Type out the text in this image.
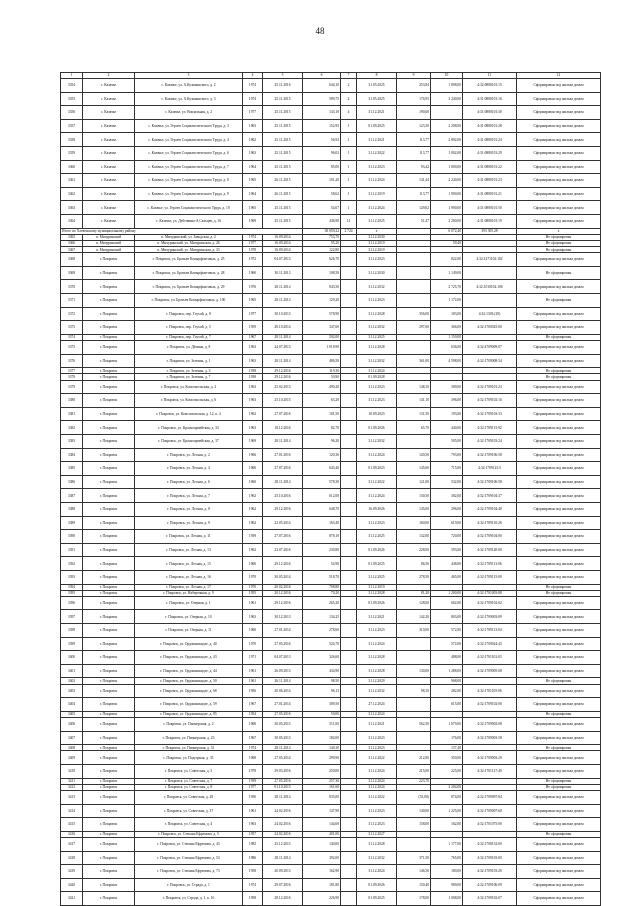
48
1	2	3	4	5	6	7	8	9	10	11	12
3354	с. Казачье	с. Казачье, ул. А.Кузьминского, д. 2	1974	25.11.2016	644,10	2	31.05.2025	253,84	1 808,00	4:32:0880101:15	Сформирован под жилым домом
3355	с. Казачье	с. Казачье, ул. А.Кузьминского, д. 3	1974	25.11.2015	589,75	2	31.05.2025	176,95	3 240,00	4:31:0880101:16	Сформирован под жилым домом
3356	с. Казачье	с. Казачье, ул. Вокзальная, д. 2	1977	25.11.2015	143,10	4	31.12.2021	190,60		4:31:0880101:30	Сформирован под жилым домом
3357	с. Казачье	с. Казачье, ул. Героев Социалистического Труда, д. 3	1963	25.11.2015	152,95	1	01.09.2025	123,30	2 208,00	4:31:0880101:28	Сформирован под жилым домом
3358	с. Казачье	с. Казачье, ул. Героев Социалистического Труда, д. 4	1962	25.11.2015	56,92	1	31.12.2021	113,77	2 892,00	4:31:0880101:24	Сформирован под жилым домом
3359	с. Казачье	с. Казачье, ул. Героев Социалистического Труда, д. 6	1963	25.11.2015	96,02	1	31.12.2022	113,77	1 002,00	4:31:0880101:29	Сформирован под жилым домом
3360	с. Казачье	с. Казачье, ул. Героев Социалистического Труда, д. 7	1964	25.11.2015	85,00	1	31.12.2023	93,42	1 000,00	4:31:0880101:22	Сформирован под жилым домом
3361	с. Казачье	с. Казачье, ул. Героев Социалистического Труда, д. 8	1965	26.11.2015	101,20	1	31.12.2024	141,44	2 240,00	4:31:0880101:23	Сформирован под жилым домом
3362	с. Казачье	с. Казачье, ул. Героев Социалистического Труда, д. 9	1964	26.11.2015	58,62	1	31.12.2019	113,77	1 900,00	4:31:0880101:21	Сформирован под жилым домом
3363	с. Казачье	с. Казачье, ул. Героев Социалистического Труда, д. 10	1965	25.11.2015	54,67	1	31.12.2024	129,02	1 900,00	4:31:0880101:50	Сформирован под жилым домом
3364	с. Казачье	с. Казачье, ул. Дебтовина-А.Сальцев, д. 16	1969	25.11.2015	446,90	12	31.12.2025	51,47	2 200,00	4:31:0880101:19	Сформирован под жилым домом
Итого по Хлевенскому муниципальному району					30 059,22	2 724	х		6 072,40	393 305,28	х
3365	п. Мичуринский	п. Мичуринский, ул. Заводская, д. 2	1974	16.09.2014	753,70		31.12.2030				Не сформирован
3366	п. Мичуринский	п. Мичуринский, ул. Мичуринская, д. 26	1977	16.09.2014	95,20		31.12.2019		59,40		Не сформирован
3367	п. Мичуринский	п. Мичуринский, ул. Мичуринская, д. 33	1978	16.09.2014	122,80		31.12.2019				Не сформирован
3368	г. Покровск	г. Покровск, ул. Братьев Копырфонтовых, д. 25	1972	04.07.2013	626,70		31.12.2023		822,00	4:32:1271102:102	Сформирован под жилым домом
3369	г. Покровск	г. Покровск, ул. Братьев Копырфонтовых, д. 28	1960	30.11.2013	108,50		31.12.2030		1 149,00		Не сформирован
3370	г. Покровск	г. Покровск, ул. Братьев Копырфонтовых, д. 29	1976	28.11.2014	843,50		31.12.2032		2 725,70	4:32:1010102:106	Сформирован под жилым домом
3371	г. Покровск	г. Покровск, ул. Братьев Копырфонтовых, д. 100	1965	28.11.2014	129,20		31.12.2023		1 172,00		Не сформирован
3372	г. Покровск	г. Покровск, пер. Глухой, д. 8	1977	30.10.2013	578,90		31.12.2028	356,00	183,00	4:32:1303:(29)	Сформирован под жилым домом
3373	г. Покровск	г. Покровск, пер. Глухой, д. 5	1959	28.10.2014	347,60		31.12.2032	297,00	366,00	4:32:1700025:00	Сформирован под жилым домом
3374	г. Покровск	г. Покровск, пер. Глухой, д. 7	1967	28.11.2014	502,00		31.12.2025		1 150,00		Не сформирован
3375	г. Покровск	г. Покровск, ул. Дёмина, д. 8	1963	24.07.2013	1 018,90		31.12.2028		636,00	4:32:4709009:07	Сформирован под жилым домом
3376	г. Покровск	г. Покровск, ул. Зеленая, д. 1	1963	28.11.2014	486,50		31.12.2032	361,00	4 598,00	4:32:1709008:34	Сформирован под жилым домом
3377	г. Покровск	г. Покровск, ул. Зеленая, д. 3	1938	29.12.2016	119,30		31.12.2024				Не сформирован
3378	г. Покровск	г. Покровск, ул. Зеленая, д. 7	1938	29.12.2016	50,90		01.09.2028				Не сформирован
3379	г. Покровск	г. Покровск, ул. Комсомольская, д. 2	1963	25.02.2013	490,20		31.12.2023	148,10	309,00	4:32:1709101:23	Сформирован под жилым домом
3380	г. Покровск	г. Покровск, ул. Комсомольская, д. 6	1963	25.10.2015	63,20		31.12.2023	141,10	396,00	4:32:1709102:16	Сформирован под жилым домом
3381	г. Покровск	г. Покровск, ул. Комсомольская, д. 12, к. 4	1962	27.07.2016	101,50		10.09.2023	131,50	193,00	4:32:1709103:33	Сформирован под жилым домом
3382	г. Покровск	г. Покровск, ул. Красноармейская, д. 33	1963	18.12.2016	82,70		01.09.2026	65,70	440,00	4:32:1709115:92	Сформирован под жилым домом
3383	г. Покровск	г. Покровск, ул. Красноармейская, д. 37	1969	28.11.2014	96,20		31.12.2032		505,00	4:32:1709103:24	Сформирован под жилым домом
3384	г. Покровск	г. Покровск, ул. Лесная, д. 2	1966	27.01.2016	120,30		31.12.2024	120,50	793,00	4:32:1709106:58	Сформирован под жилым домом
3385	г. Покровск	г. Покровск, ул. Лесная, д. 4	1960	27.07.2016	643,40		01.09.2023	145,60	715,00	4:32:1709123:5	Сформирован под жилым домом
3386	г. Покровск	г. Покровск, ул. Лесная, д. 6	1960	28.11.2014	578,30		31.12.2022	121,00	532,00	4:32:1709106:58	Сформирован под жилым домом
3387	г. Покровск	г. Покровск, ул. Лесная, д. 7	1962	25.10.2016	612,00		31.12.2024	130,50	302,00	4:32:1709104:37	Сформирован под жилым домом
3388	г. Покровск	г. Покровск, ул. Лесная, д. 8	1962	29.12.2016	648,70		16.09.2026	145,00	296,00	4:32:1709104:40	Сформирован под жилым домом
3389	г. Покровск	г. Покровск, ул. Лесная, д. 9	1962	22.05.2014	163,40		31.12.2023	160,00	619,00	4:32:1709110:26	Сформирован под жилым домом
3390	г. Покровск	г. Покровск, ул. Лесная, д. 11	1959	27.07.2016	878,10		31.12.2025	132,00	720,00	4:32:1709104:00	Сформирован под жилым домом
3391	г. Покровск	г. Покровск, ул. Лесная, д. 13	1962	23.07.2016	230,80		01.09.2026	228,00	593,00	4:32:1709120:00	Сформирован под жилым домом
3392	г. Покровск	г. Покровск, ул. Лесная, д. 15	1960	29.12.2016	54,90		01.09.2025	86,50	448,00	4:32:1709113:06	Сформирован под жилым домом
3393	г. Покровск	г. Покровск, ул. Лесная, д. 16	1970	30.05.2014	518,70		31.12.2025	278,50	465,00	4:32:1709115:00	Сформирован под жилым домом
3394	г. Покровск	г. Покровск, ул. Лесная, д. 17	1970	20.02.2016	708,80		31.12.2019				Не сформирован
3395	г. Покровск	г. Покровск, ул. Набережная, д. 9	1955	20.12.2016	70,20		31.12.2028	81,20	1 200,00	4:32:1701003:88	Не сформирован
3396	г. Покровск	г. Покровск, ул. Озерная, д. 1	1961	29.12.2016	265,20		01.09.2026	128,00	602,00	4:32:1709102:02	Сформирован под жилым домом
3397	г. Покровск	г. Покровск, ул. Озерная, д. 10	1963	30.12.2013	134,25		31.12.2021	142,20	803,00	4:32:1709003:09	Сформирован под жилым домом
3398	г. Покровск	г. Покровск, ул. Озерная, д. 11	1960	27.01.2014	278,60		31.12.2023	310,00	572,00	4:32:1709113:04	Сформирован под жилым домом
3399	г. Покровск	г. Покровск, ул. Орджоникидзе, д. 40	1970	27.05.2016	524,70		31.12.2024		572,00	4:32:1709024:43	Сформирован под жилым домом
3400	г. Покровск	г. Покровск, ул. Орджоникидзе, д. 43	1971	04.07.2013	326,60		31.12.2028		488,00	4:32:1701102:03	Сформирован под жилым домом
3401	г. Покровск	г. Покровск, ул. Орджоникидзе, д. 44	1961	26.09.2013	434,90		31.12.2028	130,00	1 288,00	4:32:1709005:08	Сформирован под жилым домом
3402	г. Покровск	г. Покровск, ул. Орджоникидзе, д. 50	1961	26.11.2014	98,50		31.12.2029		968,00		Не сформирован
3403	г. Покровск	г. Покровск, ул. Орджоникидзе, д. 68	1956	20.06.2014	96,15		31.12.2032	98,10	282,00	4:32:1701105:06	Сформирован под жилым домом
3404	г. Покровск	г. Покровск, ул. Орджоникидзе, д. 59	1967	27.01.2014	309,50		27.12.2024		615,00	4:32:1709102:00	Сформирован под жилым домом
3405	г. Покровск	г. Покровск, ул. Орджоникидзе, д. 85	1954	27.05.2016	50,00		31.12.2024				Не сформирован
3406	г. Покровск	г. Покровск, ул. Пионерская, д. 2	1968	30.05.2013	511,00		31.12.2021	562,50	1 679,00	4:32:1709002:08	Сформирован под жилым домом
3407	г. Покровск	г. Покровск, ул. Пионерская, д. 23	1967	30.05.2013	182,00		31.12.2023		176,00	4:32:1709003:58	Сформирован под жилым домом
3408	г. Покровск	г. Покровск, ул. Пионерская, д. 31	1974	28.11.2014	140,30		31.12.2023		137,40		Не сформирован
3409	г. Покровск	г. Покровск, ул. Подгорная, д. 35	1968	27.05.2014	299,90		31.12.2022	212,00	350,00	4:32:1709003:29	Сформирован под жилым домом
3410	г. Покровск	г. Покровск, ул. Советская, д. 5	1978	29.03.2016	250,00		31.12.2024	215,00	225,00	4:32:1701127:40	Сформирован под жилым домом
3411	г. Покровск	г. Покровск, ул. Советская, д. 7	1939	27.05.2016	257,30		31.12.2024	223,70			Не сформирован
3412	г. Покровск	г. Покровск, ул. Советская, д. 8	1977	01.10.2015	161,60		31.12.2024		2 204,00		Не сформирован
3413	г. Покровск	г. Покровск, ул. Советская, д. 28	1956	28.11.2014	835,00		31.12.2022	(53,00)	874,00	4:32:1709097:84	Сформирован под жилым домом
3414	г. Покровск	г. Покровск, ул. Советская, д. 37	1961	24.02.2016	147,90		31.12.2023	140,00	1 225,00	4:32:1709007:60	Сформирован под жилым домом
3415	г. Покровск	г. Покровск, ул. Советская, д. 4	1963	24.02.2016	144,60		31.12.2023	158,00	162,00	4:32:1701075:00	Сформирован под жилым домом
3416	г. Покровск	г. Покровск, ул. Степана Ефремова, д. 5	1957	24.02.2016	401,00		31.12.2027				Не сформирован
3417	г. Покровск	г. Покровск, ул. Степана Ефремова, д. 43	1982	25.12.2013	140,00		31.12.2028		1 177,00	4:32:1708152:00	Сформирован под жилым домом
3418	г. Покровск	г. Покровск, ул. Степана Ефремова, д. 53	1986	28.11.2014	392,00		31.12.2032	371,50	765,00	4:32:1709103:00	Сформирован под жилым домом
3419	г. Покровск	г. Покровск, ул. Степана Ефремова, д. 73	1958	20.09.2013	162,90		31.12.2024	146,50	180,00	4:32:1709103:20	Сформирован под жилым домом
3420	г. Покровск	г. Покровск, ул. Страда, д. 1	1974	29.07.2016	181,80		01.09.2026	150,40	900,00	4:32:1709106:09	Сформирован под жилым домом
3421	г. Покровск	г. Покровск, ул. Страда, д. 1, к. 16	1958	28.12.2016	226,90		01.09.2025	178,00	1 008,00	4:32:1709102:07	Сформирован под жилым домом
